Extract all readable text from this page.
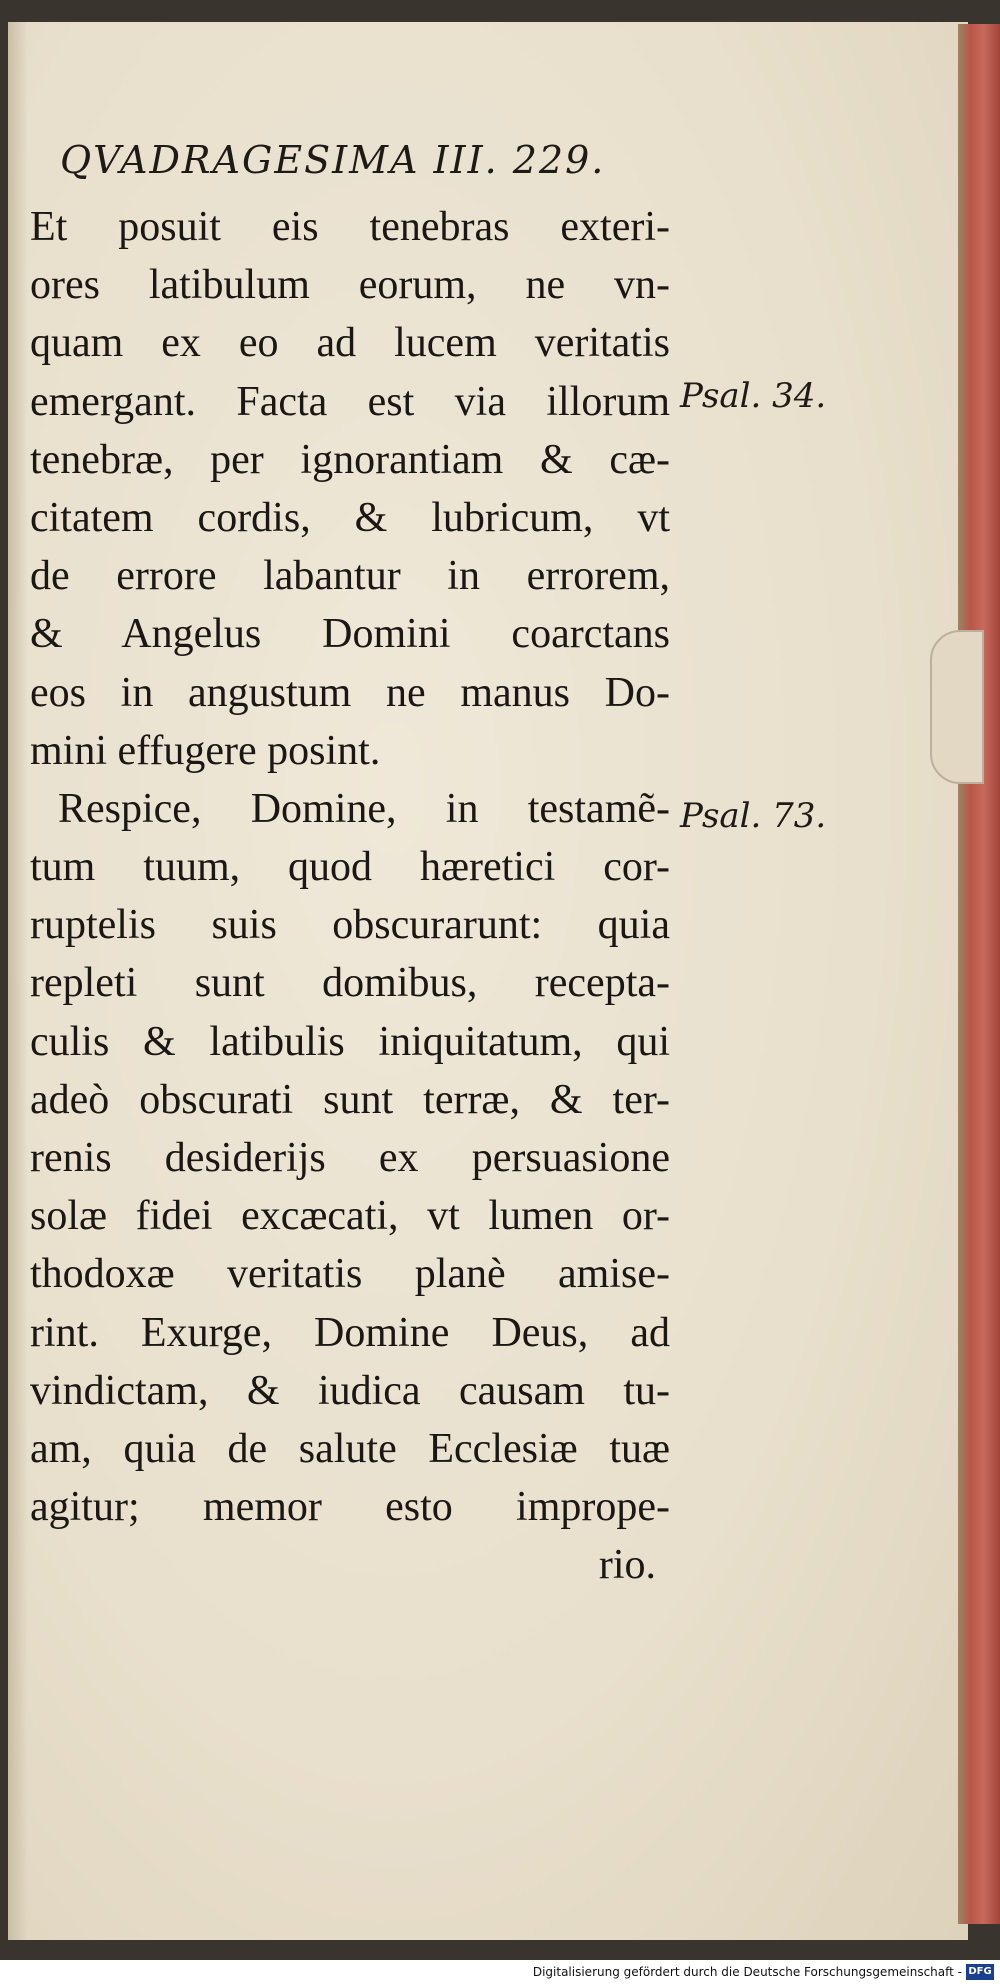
QVADRAGESIMA III. 229.
Et posuit eis tenebras exteri-
ores latibulum eorum, ne vn-
quam ex eo ad lucem veritatis
emergant. Facta est via illorum
tenebræ, per ignorantiam & cæ-
citatem cordis, & lubricum, vt
de errore labantur in errorem,
& Angelus Domini coarctans
eos in angustum ne manus Do-
mini effugere posint.
Respice, Domine, in testamẽ-
tum tuum, quod hæretici cor-
ruptelis suis obscurarunt: quia
repleti sunt domibus, recepta-
culis & latibulis iniquitatum, qui
adeò obscurati sunt terræ, & ter-
renis desiderijs ex persuasione
solæ fidei excæcati, vt lumen or-
thodoxæ veritatis planè amise-
rint. Exurge, Domine Deus, ad
vindictam, & iudica causam tu-
am, quia de salute Ecclesiæ tuæ
agitur; memor esto imprope-
rio.
Psal. 34.
Psal. 73.
Digitalisierung gefördert durch die Deutsche Forschungsgemeinschaft - DFG
